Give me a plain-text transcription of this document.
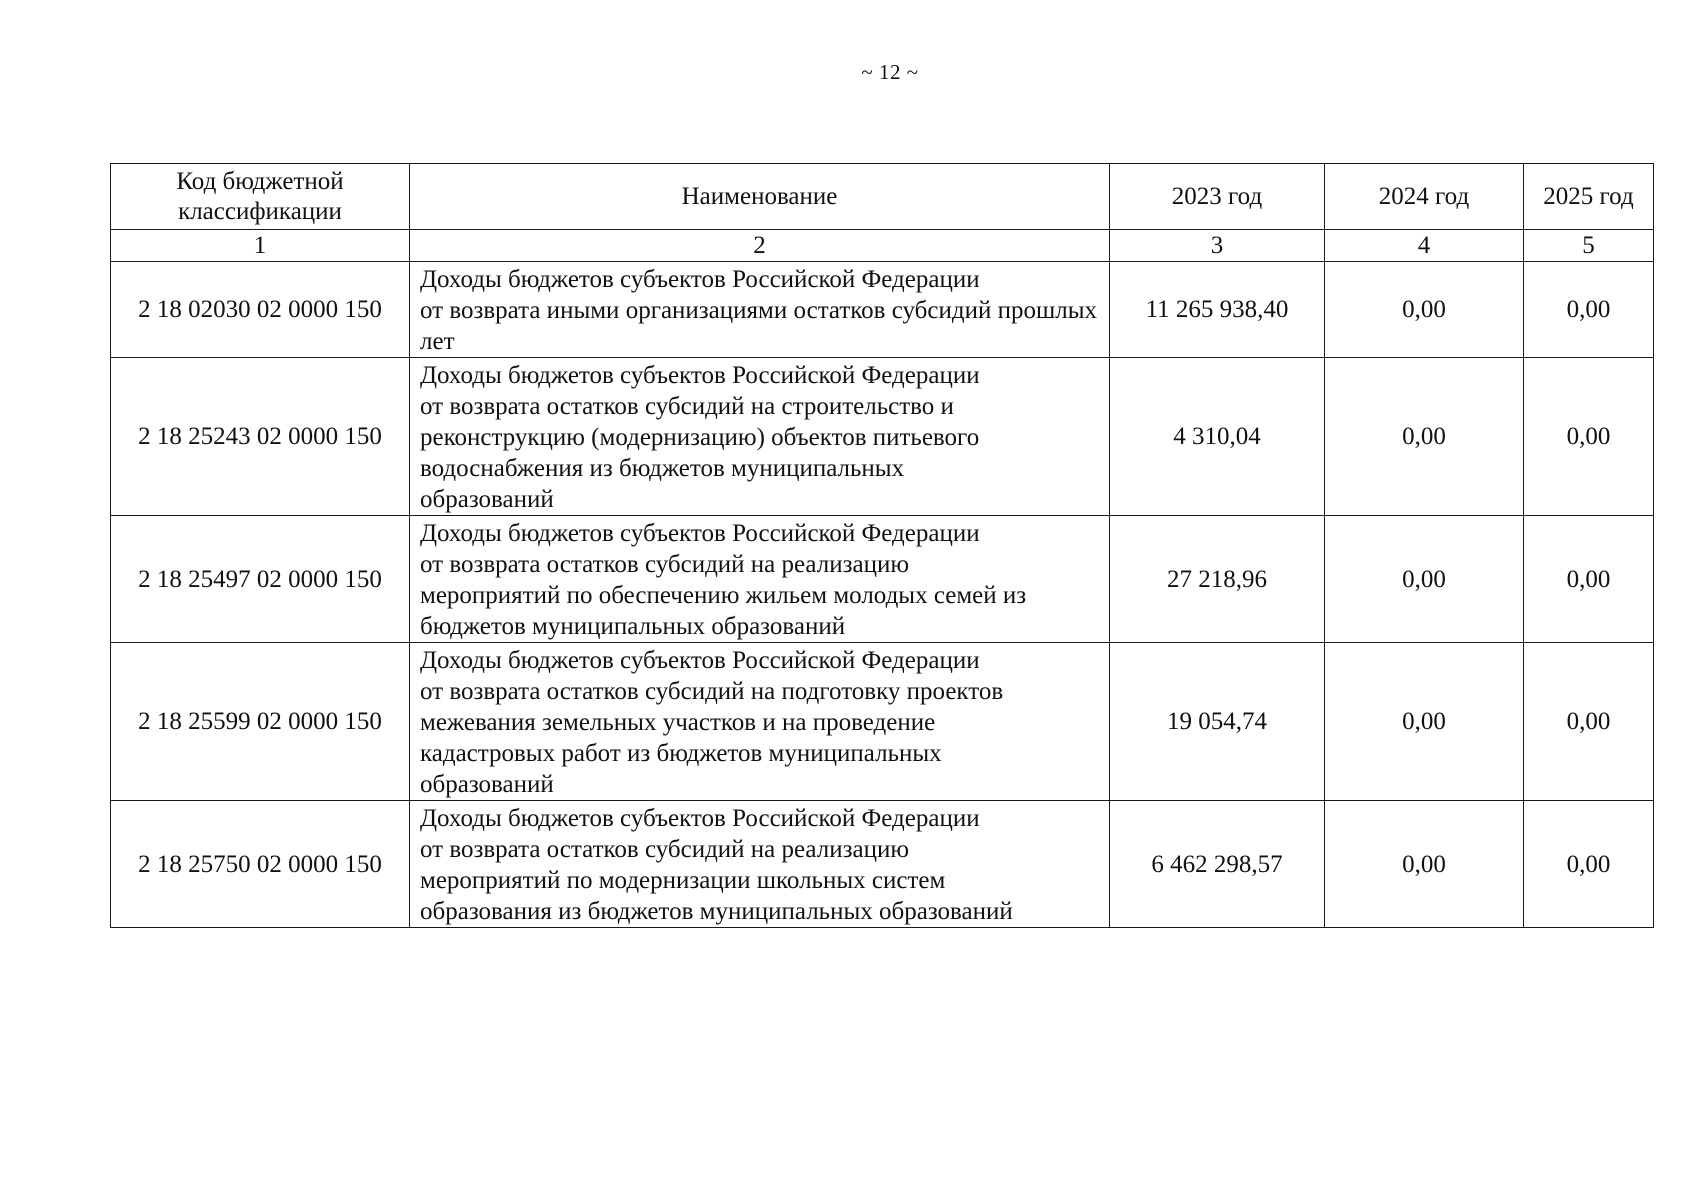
~ 12 ~
Код бюджетной классификации	Наименование	2023 год	2024 год	2025 год
1	2	3	4	5
2 18 02030 02 0000 150	Доходы бюджетов субъектов Российской Федерации
от возврата иными организациями остатков субсидий прошлых лет	11 265 938,40	0,00	0,00
2 18 25243 02 0000 150	Доходы бюджетов субъектов Российской Федерации
от возврата остатков субсидий на строительство и
реконструкцию (модернизацию) объектов питьевого
водоснабжения из бюджетов муниципальных
образований	4 310,04	0,00	0,00
2 18 25497 02 0000 150	Доходы бюджетов субъектов Российской Федерации
от возврата остатков субсидий на реализацию
мероприятий по обеспечению жильем молодых семей из
бюджетов муниципальных образований	27 218,96	0,00	0,00
2 18 25599 02 0000 150	Доходы бюджетов субъектов Российской Федерации
от возврата остатков субсидий на подготовку проектов
межевания земельных участков и на проведение
кадастровых работ из бюджетов муниципальных
образований	19 054,74	0,00	0,00
2 18 25750 02 0000 150	Доходы бюджетов субъектов Российской Федерации
от возврата остатков субсидий на реализацию
мероприятий по модернизации школьных систем
образования из бюджетов муниципальных образований	6 462 298,57	0,00	0,00
